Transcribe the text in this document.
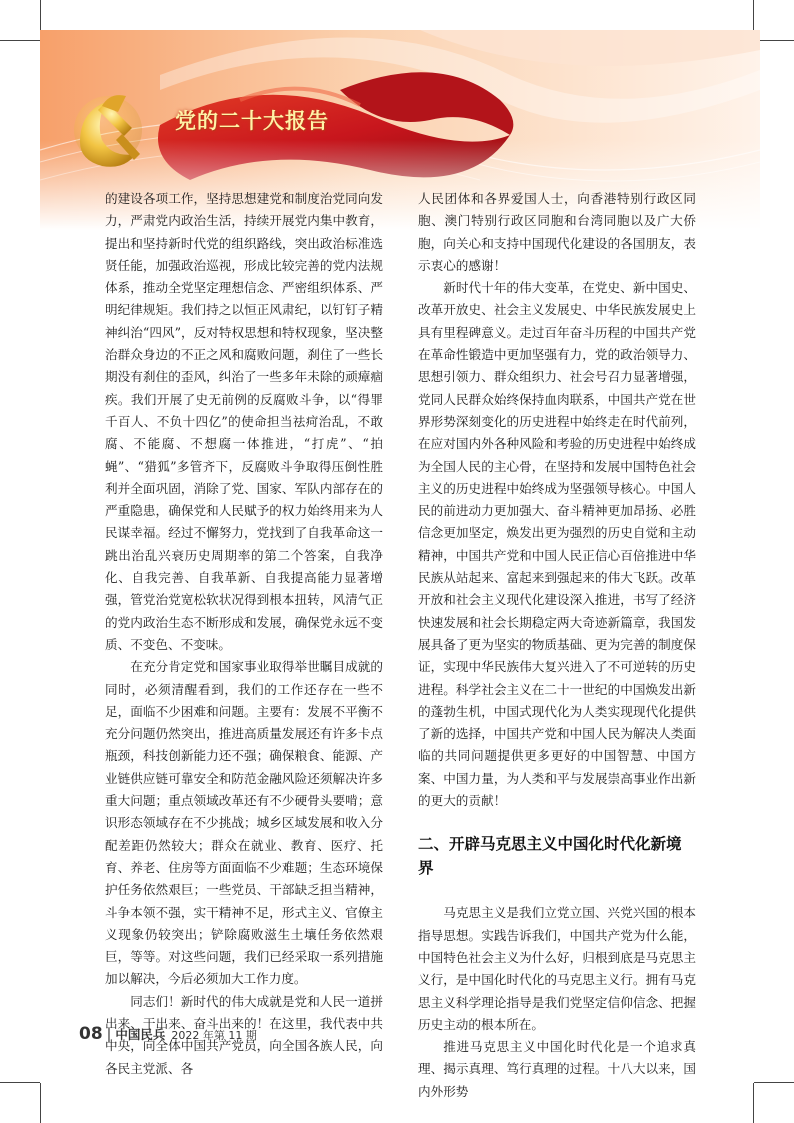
党的二十大报告

的建设各项工作，坚持思想建党和制度治党同向发力，严肃党内政治生活，持续开展党内集中教育，提出和坚持新时代党的组织路线，突出政治标准选贤任能，加强政治巡视，形成比较完善的党内法规体系，推动全党坚定理想信念、严密组织体系、严明纪律规矩。我们持之以恒正风肃纪，以钉钉子精神纠治“四风”，反对特权思想和特权现象，坚决整治群众身边的不正之风和腐败问题，刹住了一些长期没有刹住的歪风，纠治了一些多年未除的顽瘴痼疾。我们开展了史无前例的反腐败斗争，以“得罪千百人、不负十四亿”的使命担当祛疴治乱，不敢腐、不能腐、不想腐一体推进，“打虎”、“拍蝇”、“猎狐”多管齐下，反腐败斗争取得压倒性胜利并全面巩固，消除了党、国家、军队内部存在的严重隐患，确保党和人民赋予的权力始终用来为人民谋幸福。经过不懈努力，党找到了自我革命这一跳出治乱兴衰历史周期率的第二个答案，自我净化、自我完善、自我革新、自我提高能力显著增强，管党治党宽松软状况得到根本扭转，风清气正的党内政治生态不断形成和发展，确保党永远不变质、不变色、不变味。

在充分肯定党和国家事业取得举世瞩目成就的同时，必须清醒看到，我们的工作还存在一些不足，面临不少困难和问题。主要有：发展不平衡不充分问题仍然突出，推进高质量发展还有许多卡点瓶颈，科技创新能力还不强；确保粮食、能源、产业链供应链可靠安全和防范金融风险还须解决许多重大问题；重点领域改革还有不少硬骨头要啃；意识形态领域存在不少挑战；城乡区域发展和收入分配差距仍然较大；群众在就业、教育、医疗、托育、养老、住房等方面面临不少难题；生态环境保护任务依然艰巨；一些党员、干部缺乏担当精神，斗争本领不强，实干精神不足，形式主义、官僚主义现象仍较突出；铲除腐败滋生土壤任务依然艰巨，等等。对这些问题，我们已经采取一系列措施加以解决，今后必须加大工作力度。

同志们！新时代的伟大成就是党和人民一道拼出来、干出来、奋斗出来的！在这里，我代表中共中央，向全体中国共产党员，向全国各族人民，向各民主党派、各

人民团体和各界爱国人士，向香港特别行政区同胞、澳门特别行政区同胞和台湾同胞以及广大侨胞，向关心和支持中国现代化建设的各国朋友，表示衷心的感谢！

新时代十年的伟大变革，在党史、新中国史、改革开放史、社会主义发展史、中华民族发展史上具有里程碑意义。走过百年奋斗历程的中国共产党在革命性锻造中更加坚强有力，党的政治领导力、思想引领力、群众组织力、社会号召力显著增强，党同人民群众始终保持血肉联系，中国共产党在世界形势深刻变化的历史进程中始终走在时代前列，在应对国内外各种风险和考验的历史进程中始终成为全国人民的主心骨，在坚持和发展中国特色社会主义的历史进程中始终成为坚强领导核心。中国人民的前进动力更加强大、奋斗精神更加昂扬、必胜信念更加坚定，焕发出更为强烈的历史自觉和主动精神，中国共产党和中国人民正信心百倍推进中华民族从站起来、富起来到强起来的伟大飞跃。改革开放和社会主义现代化建设深入推进，书写了经济快速发展和社会长期稳定两大奇迹新篇章，我国发展具备了更为坚实的物质基础、更为完善的制度保证，实现中华民族伟大复兴进入了不可逆转的历史进程。科学社会主义在二十一世纪的中国焕发出新的蓬勃生机，中国式现代化为人类实现现代化提供了新的选择，中国共产党和中国人民为解决人类面临的共同问题提供更多更好的中国智慧、中国方案、中国力量，为人类和平与发展崇高事业作出新的更大的贡献！

二、开辟马克思主义中国化时代化新境界

马克思主义是我们立党立国、兴党兴国的根本指导思想。实践告诉我们，中国共产党为什么能，中国特色社会主义为什么好，归根到底是马克思主义行，是中国化时代化的马克思主义行。拥有马克思主义科学理论指导是我们党坚定信仰信念、把握历史主动的根本所在。

推进马克思主义中国化时代化是一个追求真理、揭示真理、笃行真理的过程。十八大以来，国内外形势

08 | 中国民兵 2022 年第 11 期
